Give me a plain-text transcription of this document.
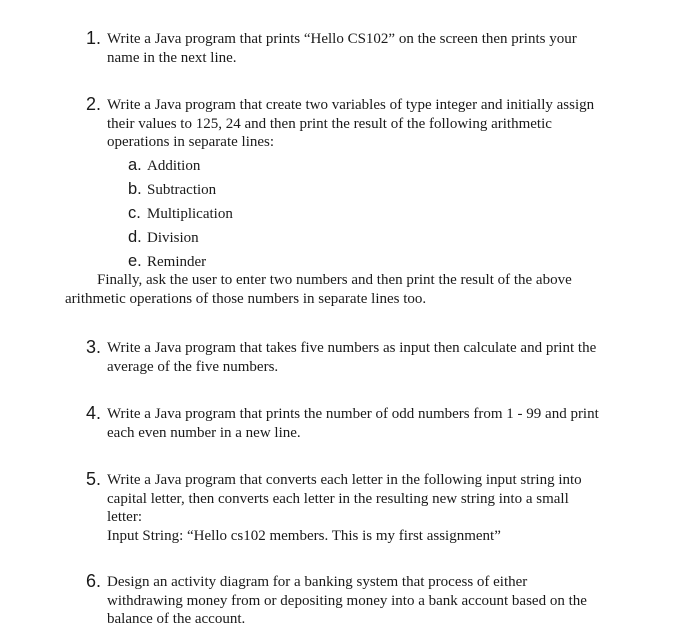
1. Write a Java program that prints “Hello CS102” on the screen then prints your
name in the next line.
2. Write a Java program that create two variables of type integer and initially assign
their values to 125, 24 and then print the result of the following arithmetic
operations in separate lines:
a. Addition
b. Subtraction
c. Multiplication
d. Division
e. Reminder
Finally, ask the user to enter two numbers and then print the result of the above
arithmetic operations of those numbers in separate lines too.
3. Write a Java program that takes five numbers as input then calculate and print the
average of the five numbers.
4. Write a Java program that prints the number of odd numbers from 1 - 99 and print
each even number in a new line.
5. Write a Java program that converts each letter in the following input string into
capital letter, then converts each letter in the resulting new string into a small
letter:
Input String: “Hello cs102 members. This is my first assignment”
6. Design an activity diagram for a banking system that process of either
withdrawing money from or depositing money into a bank account based on the
balance of the account.
